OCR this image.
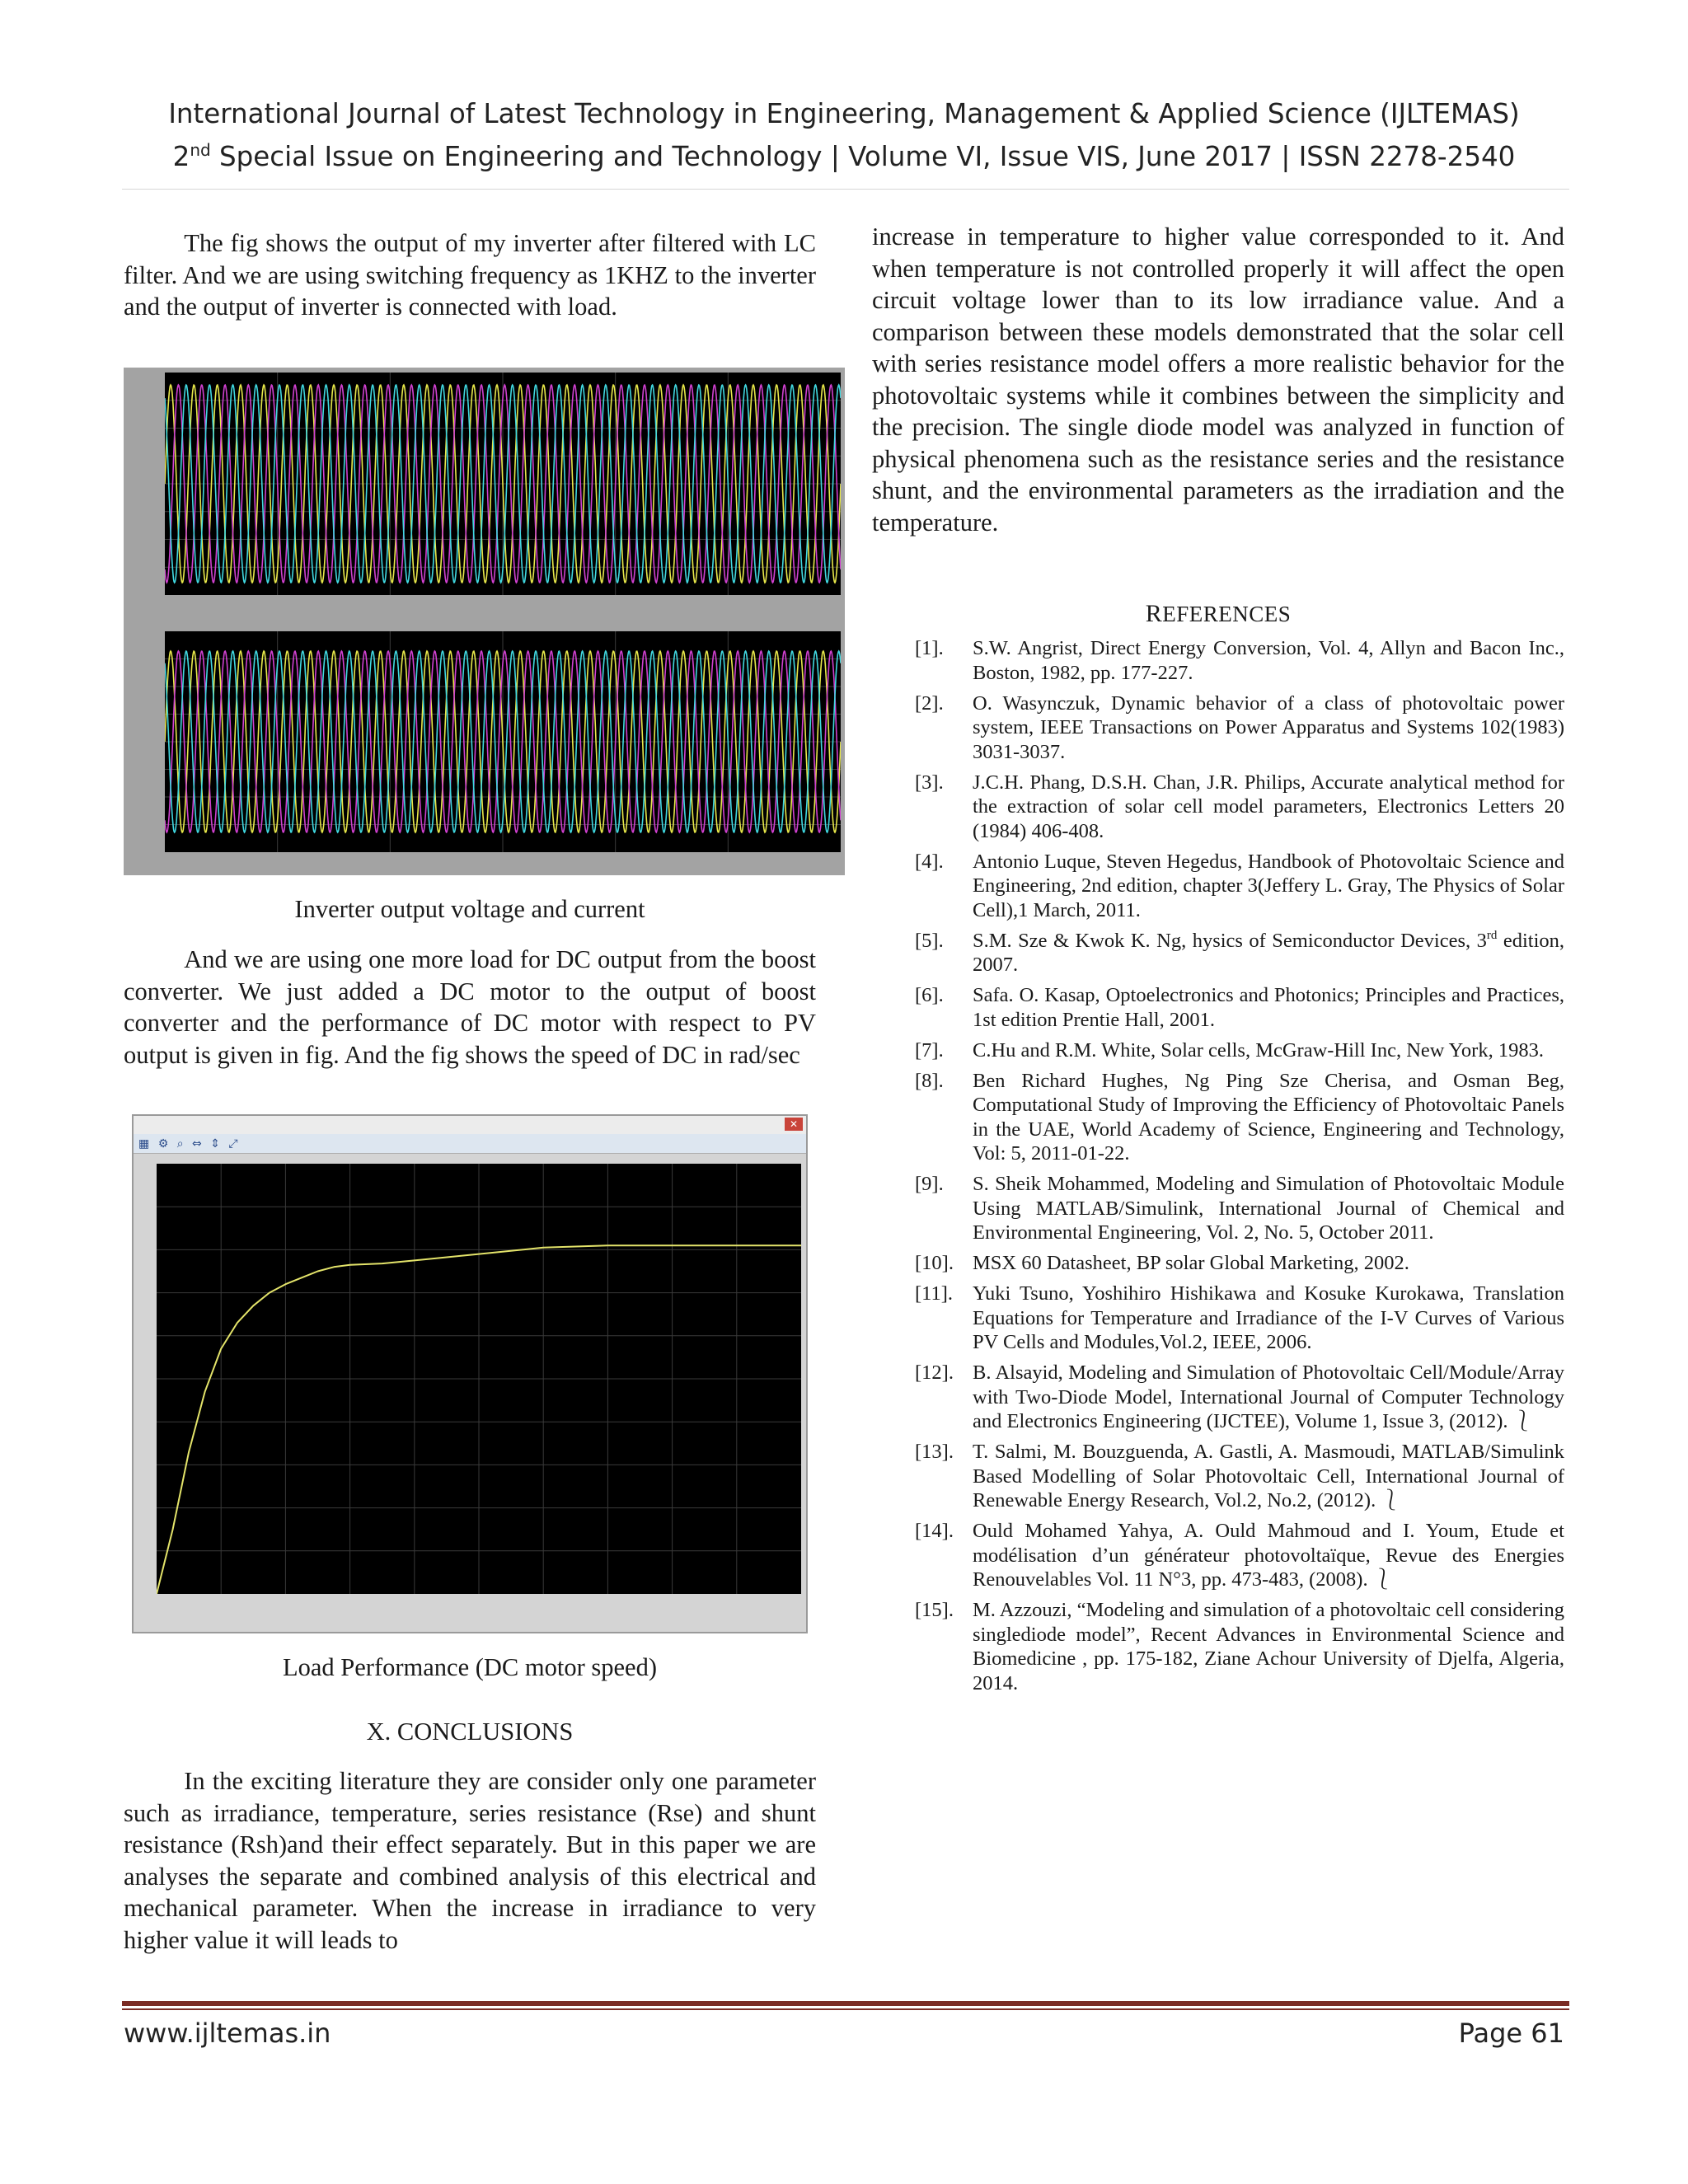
International Journal of Latest Technology in Engineering, Management & Applied Science (IJLTEMAS)
2nd Special Issue on Engineering and Technology | Volume VI, Issue VIS, June 2017 | ISSN 2278-2540

The fig shows the output of my inverter after filtered with LC filter. And we are using switching frequency as 1KHZ to the inverter and the output of inverter is connected with load.

Inverter output voltage and current

And we are using one more load for DC output from the boost converter. We just added a DC motor to the output of boost converter and the performance of DC motor with respect to PV output is given in fig. And the fig shows the speed of DC in rad/sec

✕
▦ ⚙ ⌕ ⇔ ⇕ ⤢
Load Performance (DC motor speed)
X. CONCLUSIONS

In the exciting literature they are consider only one parameter such as irradiance, temperature, series resistance (Rse) and shunt resistance (Rsh)and their effect separately. But in this paper we are analyses the separate and combined analysis of this electrical and mechanical parameter. When the increase in irradiance to very higher value it will leads to

increase in temperature to higher value corresponded to it. And when temperature is not controlled properly it will affect the open circuit voltage lower than to its low irradiance value. And a comparison between these models demonstrated that the solar cell with series resistance model offers a more realistic behavior for the photovoltaic systems while it combines between the simplicity and the precision. The single diode model was analyzed in function of physical phenomena such as the resistance series and the resistance shunt, and the environmental parameters as the irradiation and the temperature.

REFERENCES
[1].	S.W. Angrist, Direct Energy Conversion, Vol. 4, Allyn and Bacon Inc., Boston, 1982, pp. 177-227.
[2].	O. Wasynczuk, Dynamic behavior of a class of photovoltaic power system, IEEE Transactions on Power Apparatus and Systems 102(1983) 3031-3037.
[3].	J.C.H. Phang, D.S.H. Chan, J.R. Philips, Accurate analytical method for the extraction of solar cell model parameters, Electronics Letters 20 (1984) 406-408.
[4].	Antonio Luque, Steven Hegedus, Handbook of Photovoltaic Science and Engineering, 2nd edition, chapter 3(Jeffery L. Gray, The Physics of Solar Cell),1 March, 2011.
[5].	S.M. Sze & Kwok K. Ng, hysics of Semiconductor Devices, 3rd edition, 2007.
[6].	Safa. O. Kasap, Optoelectronics and Photonics; Principles and Practices, 1st edition Prentie Hall, 2001.
[7].	C.Hu and R.M. White, Solar cells, McGraw-Hill Inc, New York, 1983.
[8].	Ben Richard Hughes, Ng Ping Sze Cherisa, and Osman Beg, Computational Study of Improving the Efficiency of Photovoltaic Panels in the UAE, World Academy of Science, Engineering and Technology, Vol: 5, 2011-01-22.
[9].	S. Sheik Mohammed, Modeling and Simulation of Photovoltaic Module Using MATLAB/Simulink, International Journal of Chemical and Environmental Engineering, Vol. 2, No. 5, October 2011.
[10]. MSX 60 Datasheet, BP solar Global Marketing, 2002.
[11]. Yuki Tsuno, Yoshihiro Hishikawa and Kosuke Kurokawa, Translation Equations for Temperature and Irradiance of the I-V Curves of Various PV Cells and Modules,Vol.2, IEEE, 2006.
[12]. B. Alsayid, Modeling and Simulation of Photovoltaic Cell/Module/Array with Two-Diode Model, International Journal of Computer Technology and Electronics Engineering (IJCTEE), Volume 1, Issue 3, (2012). ⎱
[13]. T. Salmi, M. Bouzguenda, A. Gastli, A. Masmoudi, MATLAB/Simulink Based Modelling of Solar Photovoltaic Cell, International Journal of Renewable Energy Research, Vol.2, No.2, (2012). ⎱
[14]. Ould Mohamed Yahya, A. Ould Mahmoud and I. Youm, Etude et modélisation d’un générateur photovoltaïque, Revue des Energies Renouvelables Vol. 11 N°3, pp. 473-483, (2008). ⎱
[15]. M. Azzouzi, “Modeling and simulation of a photovoltaic cell considering singlediode model”, Recent Advances in Environmental Science and Biomedicine , pp. 175-182, Ziane Achour University of Djelfa, Algeria, 2014.
www.ijltemas.in	Page 61
